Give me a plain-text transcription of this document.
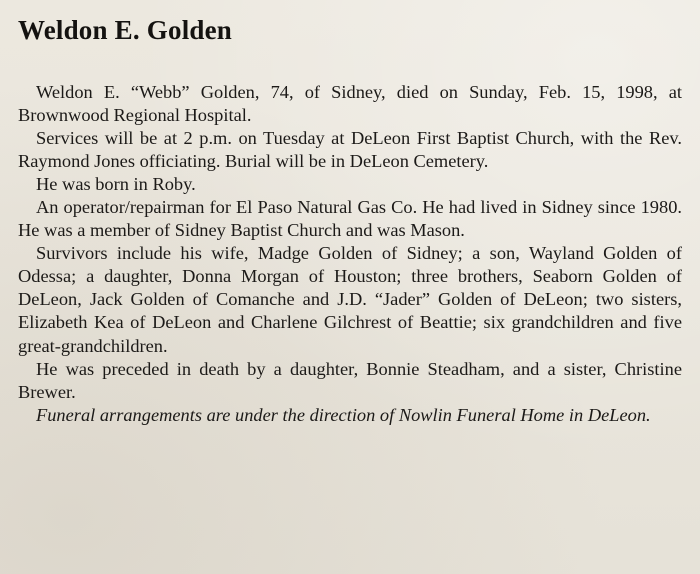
Weldon E. Golden

Weldon E. “Webb” Golden, 74, of Sidney, died on Sunday, Feb. 15, 1998, at Brownwood Regional Hospital.

Services will be at 2 p.m. on Tuesday at DeLeon First Baptist Church, with the Rev. Raymond Jones officiating. Burial will be in DeLeon Cemetery.

He was born in Roby.

An operator/repairman for El Paso Natural Gas Co. He had lived in Sidney since 1980. He was a member of Sidney Baptist Church and was Mason.

Survivors include his wife, Madge Golden of Sidney; a son, Wayland Golden of Odessa; a daughter, Donna Morgan of Houston; three brothers, Seaborn Golden of DeLeon, Jack Golden of Comanche and J.D. “Jader” Golden of DeLeon; two sisters, Elizabeth Kea of DeLeon and Charlene Gilchrest of Beattie; six grandchildren and five great-grandchildren.

He was preceded in death by a daughter, Bonnie Steadham, and a sister, Christine Brewer.

Funeral arrangements are under the direction of Nowlin Funeral Home in DeLeon.
